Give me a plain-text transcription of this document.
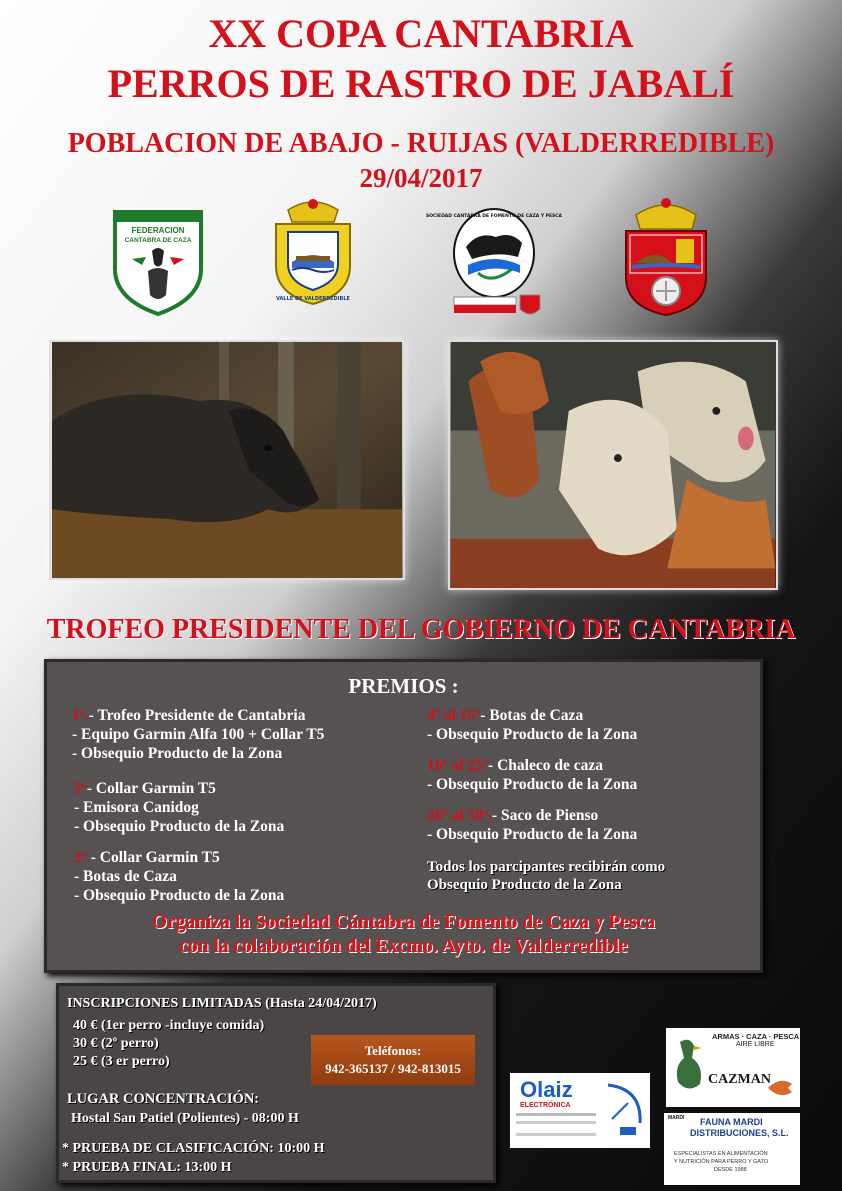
XX COPA CANTABRIA
PERROS DE RASTRO DE JABALÍ
POBLACION DE ABAJO - RUIJAS (VALDERREDIBLE)
29/04/2017
FEDERACION
CANTABRA DE CAZA
VALLE DE VALDERREDIBLE
SOCIEDAD CANTABRA DE FOMENTO DE CAZA Y PESCA
TROFEO PRESIDENTE DEL GOBIERNO DE CANTABRIA
PREMIOS :
1º.- Trofeo Presidente de Cantabria
- Equipo Garmin Alfa 100 + Collar T5
- Obsequio Producto de la Zona
2º- Collar Garmin T5
- Emisora Canidog
- Obsequio Producto de la Zona
3º.- Collar Garmin T5
- Botas de Caza
- Obsequio Producto de la Zona
4º al 15º- Botas de Caza
- Obsequio Producto de la Zona
16º al 25º- Chaleco de caza
- Obsequio Producto de la Zona
26º al 50º.- Saco de Pienso
- Obsequio Producto de la Zona
Todos los parcipantes recibirán como
Obsequio Producto de la Zona
Organiza la Sociedad Cántabra de Fomento de Caza y Pesca
con la colaboración del Excmo. Ayto. de Valderredible
INSCRIPCIONES LIMITADAS (Hasta 24/04/2017)
40 € (1er perro -incluye comida)
30 € (2º perro)
25 € (3 er perro)
LUGAR CONCENTRACIÓN:
Hostal San Patiel (Polientes) - 08:00 H
* PRUEBA DE CLASIFICACIÓN: 10:00 H
* PRUEBA FINAL: 13:00 H
Teléfonos:
942-365137 / 942-813015
Olaiz
ELECTRÓNICA
ARMAS · CAZA · PESCA
AIRE LIBRE
CAZMAN
MARDI FAUNA MARDI
DISTRIBUCIONES, S.L.
ESPECIALISTAS EN ALIMENTACIÓN
Y NUTRICIÓN PARA PERRO Y GATO
DESDE 1988
